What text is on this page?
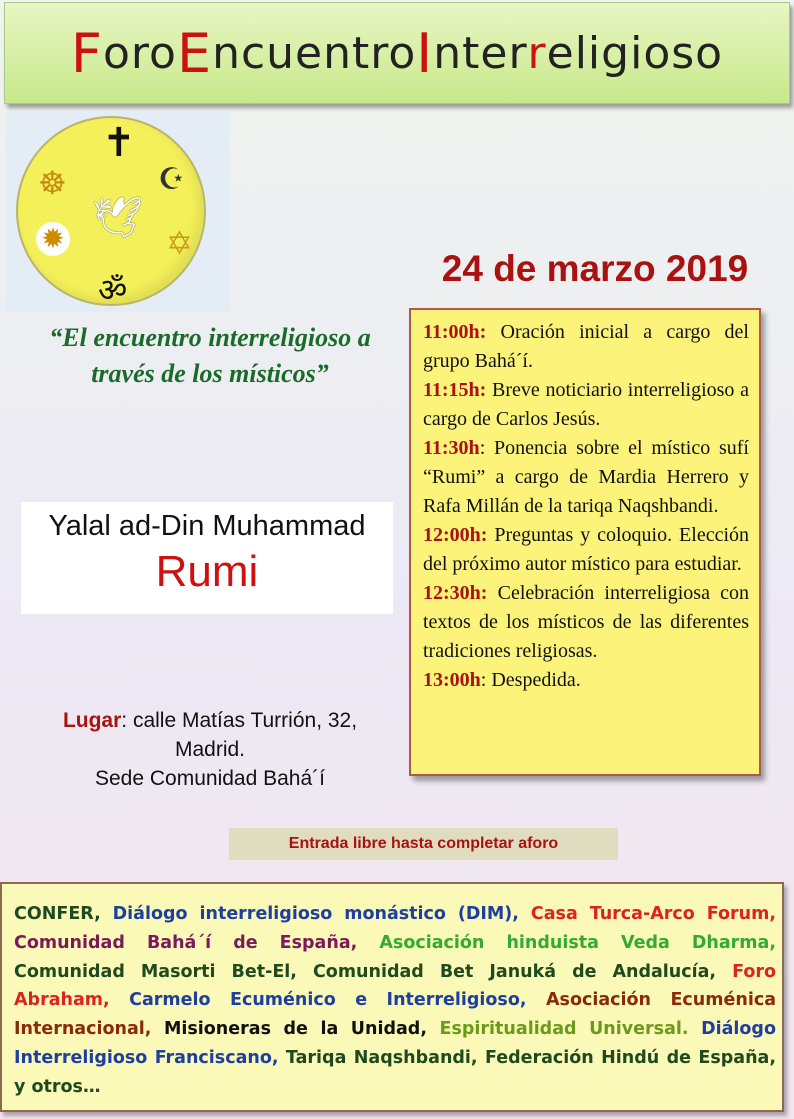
F oro E ncuentro I nter r eligioso
✝
☪
☸
🕊
✡
✹
ॐ
“El encuentro interreligioso a través de los místicos”
Yalal ad-Din Muhammad
Rumi
Lugar: calle Matías Turrión, 32,
Madrid.
Sede Comunidad Bahá´í
24 de marzo 2019

11:00h: Oración inicial a cargo del grupo Bahá´í.

11:15h: Breve noticiario interreligioso a cargo de Carlos Jesús.

11:30h: Ponencia sobre el místico sufí “Rumi” a cargo de Mardia Herrero y Rafa Millán de la tariqa Naqshbandi.

12:00h: Preguntas y coloquio. Elección del próximo autor místico para estudiar.

12:30h: Celebración interreligiosa con textos de los místicos de las diferentes tradiciones religiosas.

13:00h: Despedida.

Entrada libre hasta completar aforo
CONFER, Diálogo interreligioso monástico (DIM), Casa Turca-Arco Forum, Comunidad Bahá´í de España, Asociación hinduista Veda Dharma, Comunidad Masorti Bet-El, Comunidad Bet Januká de Andalucía, Foro Abraham, Carmelo Ecuménico e Interreligioso, Asociación Ecuménica Internacional, Misioneras de la Unidad, Espiritualidad Universal. Diálogo Interreligioso Franciscano, Tariqa Naqshbandi, Federación Hindú de España, y otros…
